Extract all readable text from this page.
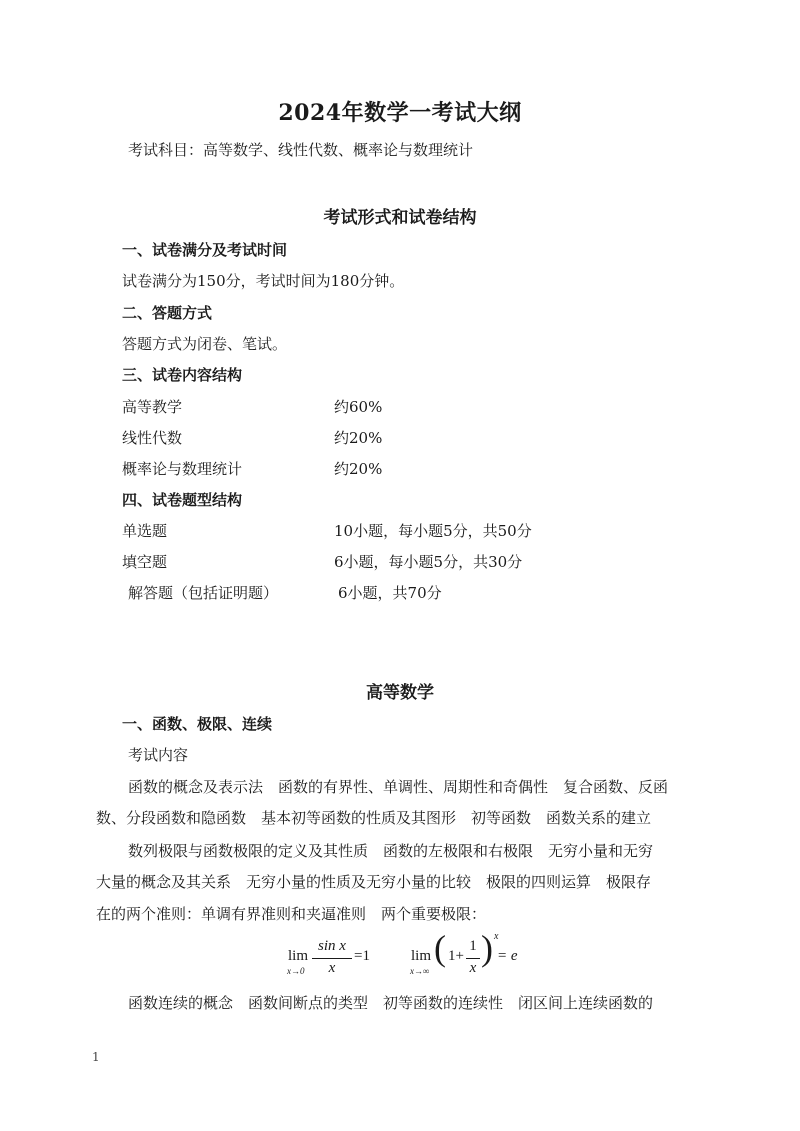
2024年数学一考试大纲
考试科目：高等数学、线性代数、概率论与数理统计
考试形式和试卷结构
一、试卷满分及考试时间
试卷满分为150分，考试时间为180分钟。
二、答题方式
答题方式为闭卷、笔试。
三、试卷内容结构
高等教学	约60%
线性代数	约20%
概率论与数理统计	约20%
四、试卷题型结构
单选题	10小题，每小题5分，共50分
填空题	6小题，每小题5分，共30分
解答题（包括证明题）	6小题，共70分
高等数学
一、函数、极限、连续
考试内容
函数的概念及表示法　函数的有界性、单调性、周期性和奇偶性　复合函数、反函
数、分段函数和隐函数　基本初等函数的性质及其图形　初等函数　函数关系的建立
数列极限与函数极限的定义及其性质　函数的左极限和右极限　无穷小量和无穷
大量的概念及其关系　无穷小量的性质及无穷小量的比较　极限的四则运算　极限存
在的两个准则：单调有界准则和夹逼准则　两个重要极限：
lim
x→0
sin x
x
=1	lim
x→∞
( 1+
1
x ) x
= e
函数连续的概念　函数间断点的类型　初等函数的连续性　闭区间上连续函数的
1
